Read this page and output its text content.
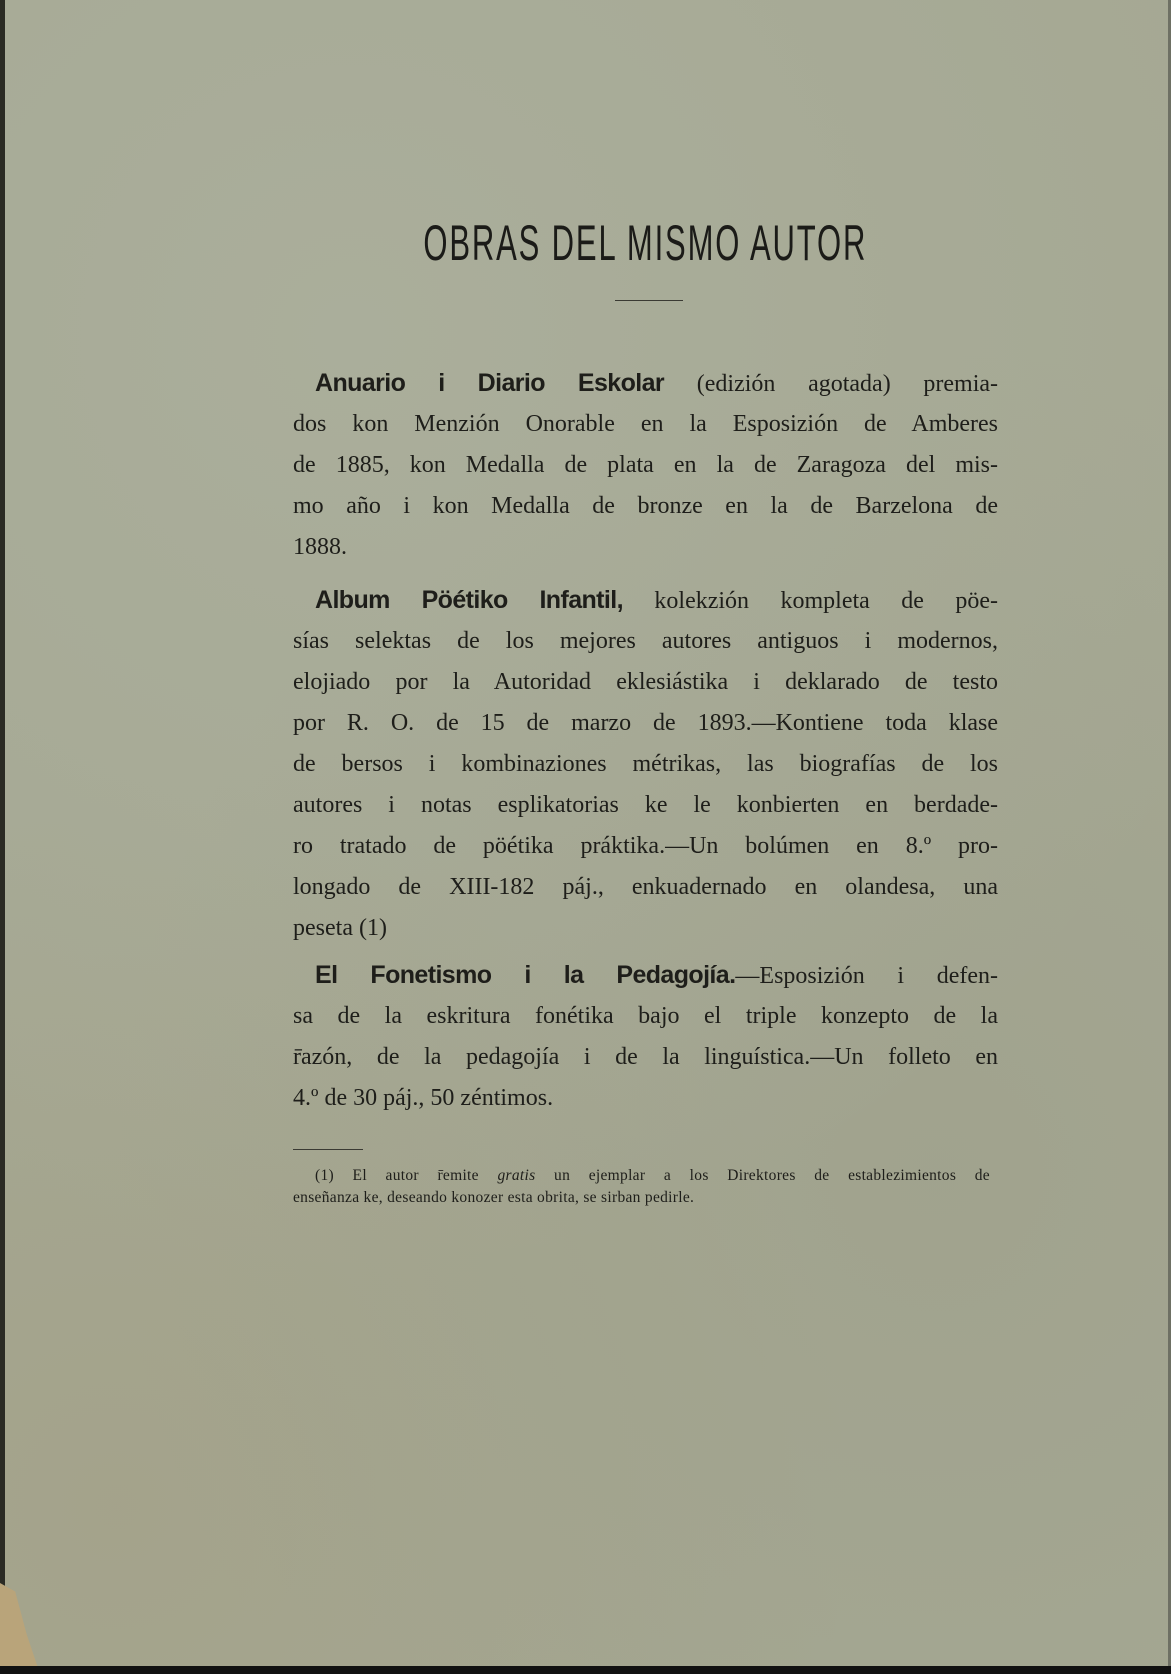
OBRAS DEL MISMO AUTOR
Anuario i Diario Eskolar (edizión agotada) premia-
dos kon Menzión Onorable en la Esposizión de Amberes
de 1885, kon Medalla de plata en la de Zaragoza del mis-
mo año i kon Medalla de bronze en la de Barzelona de
1888.
Album Pöétiko Infantil, kolekzión kompleta de pöe-
sías selektas de los mejores autores antiguos i modernos,
elojiado por la Autoridad eklesiástika i deklarado de testo
por R. O. de 15 de marzo de 1893.—Kontiene toda klase
de bersos i kombinaziones métrikas, las biografías de los
autores i notas esplikatorias ke le konbierten en berdade-
ro tratado de pöétika práktika.—Un bolúmen en 8.º pro-
longado de XIII-182 páj., enkuadernado en olandesa, una
peseta (1)
El Fonetismo i la Pedagojía.—Esposizión i defen-
sa de la eskritura fonétika bajo el triple konzepto de la
r̄azón, de la pedagojía i de la linguística.—Un folleto en
4.º de 30 páj., 50 zéntimos.
(1) El autor r̄emite gratis un ejemplar a los Direktores de establezimientos de
enseñanza ke, deseando konozer esta obrita, se sirban pedirle.
